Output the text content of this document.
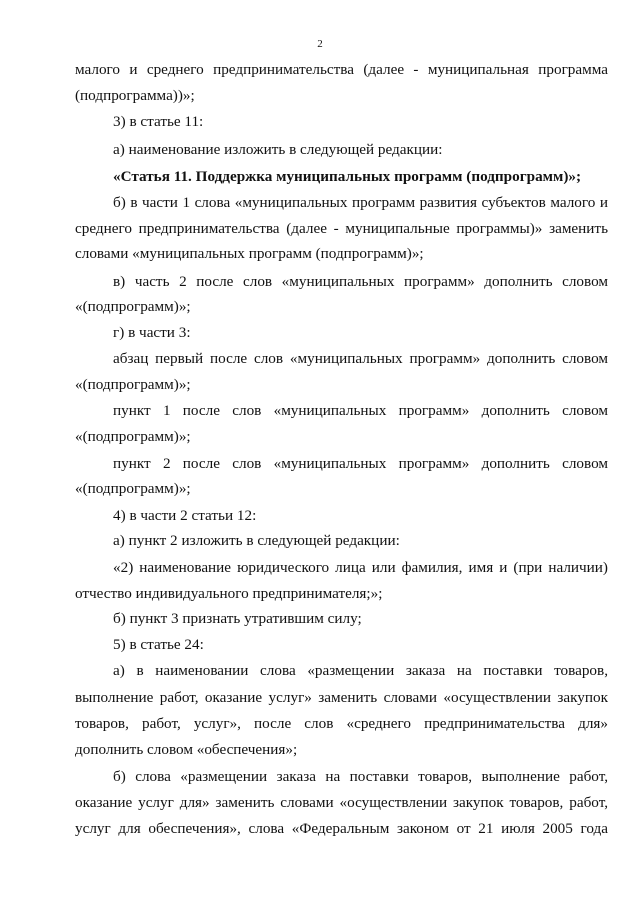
2
малого и среднего предпринимательства (далее - муниципальная программа
(подпрограмма))»;
3) в статье 11:
а) наименование изложить в следующей редакции:
«Статья 11. Поддержка муниципальных программ (подпрограмм)»;
б) в части 1 слова «муниципальных программ развития субъектов малого и
среднего предпринимательства (далее - муниципальные программы)» заменить
словами «муниципальных программ (подпрограмм)»;
в) часть 2 после слов «муниципальных программ» дополнить словом
«(подпрограмм)»;
г) в части 3:
абзац первый после слов «муниципальных программ» дополнить словом
«(подпрограмм)»;
пункт 1 после слов «муниципальных программ» дополнить словом
«(подпрограмм)»;
пункт 2 после слов «муниципальных программ» дополнить словом
«(подпрограмм)»;
4) в части 2 статьи 12:
а) пункт 2 изложить в следующей редакции:
«2) наименование юридического лица или фамилия, имя и (при наличии)
отчество индивидуального предпринимателя;»;
б) пункт 3 признать утратившим силу;
5) в статье 24:
а) в наименовании слова «размещении заказа на поставки товаров,
выполнение работ, оказание услуг» заменить словами «осуществлении закупок
товаров, работ, услуг», после слов «среднего предпринимательства для»
дополнить словом «обеспечения»;
б) слова «размещении заказа на поставки товаров, выполнение работ,
оказание услуг для» заменить словами «осуществлении закупок товаров, работ,
услуг для обеспечения», слова «Федеральным законом от 21 июля 2005 года
